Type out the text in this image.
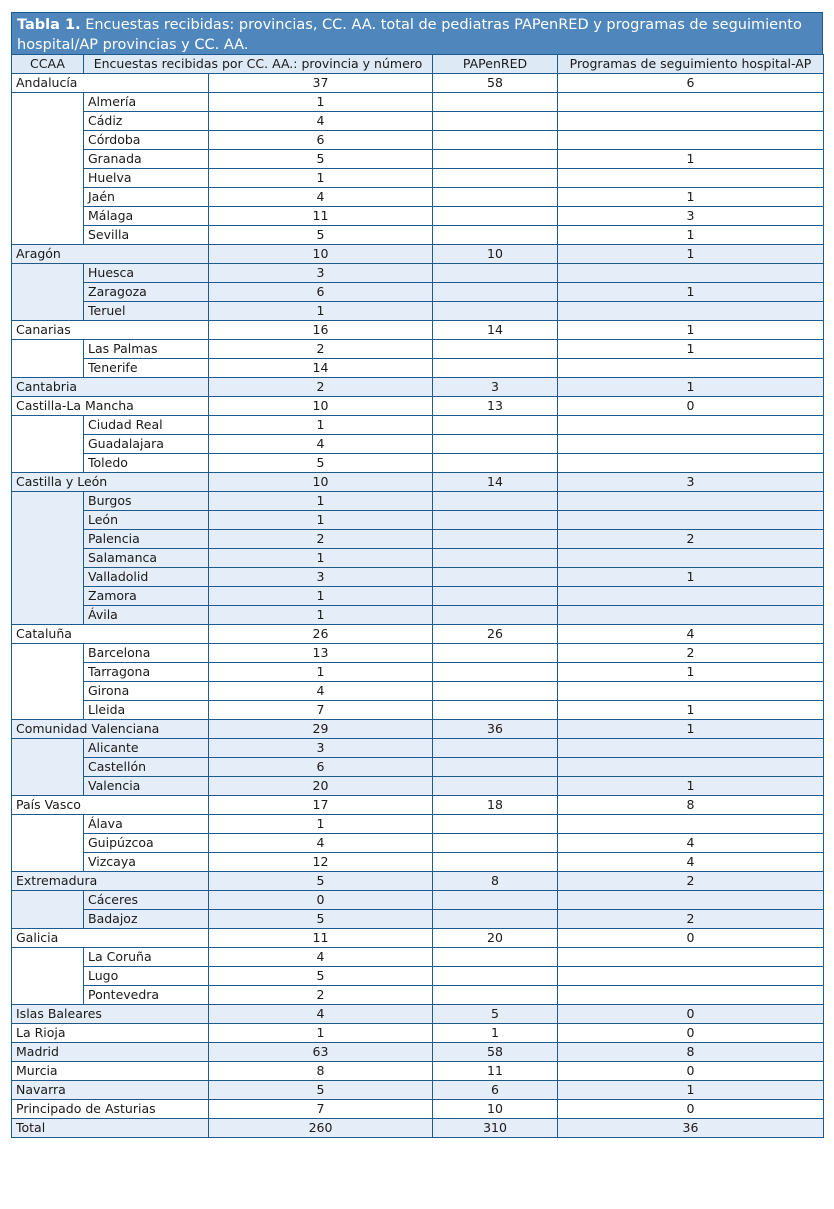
Tabla 1. Encuestas recibidas: provincias, CC. AA. total de pediatras PAPenRED y programas de seguimiento hospital/AP provincias y CC. AA.
CCAA	Encuestas recibidas por CC. AA.: provincia y número		PAPenRED	Programas de seguimiento hospital-AP
Andalucía		37	58	6
	Almería	1		
	Cádiz	4		
	Córdoba	6		
	Granada	5		1
	Huelva	1		
	Jaén	4		1
	Málaga	11		3
	Sevilla	5		1
Aragón		10	10	1
	Huesca	3		
	Zaragoza	6		1
	Teruel	1		
Canarias		16	14	1
	Las Palmas	2		1
	Tenerife	14		
Cantabria		2	3	1
Castilla-La Mancha		10	13	0
	Ciudad Real	1		
	Guadalajara	4		
	Toledo	5		
Castilla y León		10	14	3
	Burgos	1		
	León	1		
	Palencia	2		2
	Salamanca	1		
	Valladolid	3		1
	Zamora	1		
	Ávila	1		
Cataluña		26	26	4
	Barcelona	13		2
	Tarragona	1		1
	Girona	4		
	Lleida	7		1
Comunidad Valenciana		29	36	1
	Alicante	3		
	Castellón	6		
	Valencia	20		1
País Vasco		17	18	8
	Álava	1		
	Guipúzcoa	4		4
	Vizcaya	12		4
Extremadura		5	8	2
	Cáceres	0		
	Badajoz	5		2
Galicia		11	20	0
	La Coruña	4		
	Lugo	5		
	Pontevedra	2		
Islas Baleares		4	5	0
La Rioja		1	1	0
Madrid		63	58	8
Murcia		8	11	0
Navarra		5	6	1
Principado de Asturias		7	10	0
Total		260	310	36
